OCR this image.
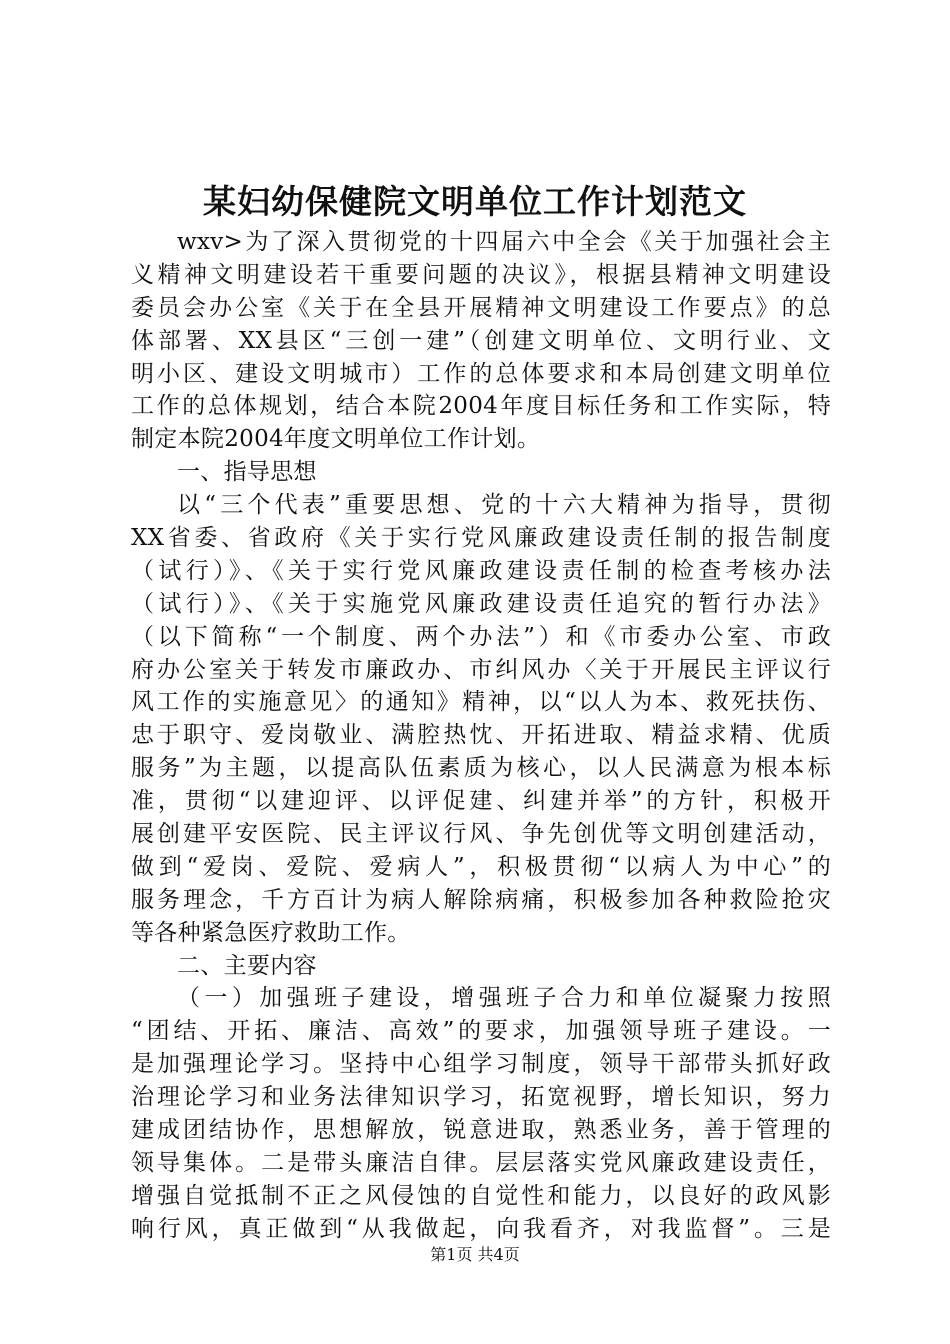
某妇幼保健院文明单位工作计划范文
wxv>为了深入贯彻党的十四届六中全会《关于加强社会主
义精神文明建设若干重要问题的决议》，根据县精神文明建设
委员会办公室《关于在全县开展精神文明建设工作要点》的总
体部署、XX县区“三创一建”（创建文明单位、文明行业、文
明小区、建设文明城市）工作的总体要求和本局创建文明单位
工作的总体规划，结合本院2004年度目标任务和工作实际，特
制定本院2004年度文明单位工作计划。
一、指导思想
以“三个代表”重要思想、党的十六大精神为指导，贯彻
XX省委、省政府《关于实行党风廉政建设责任制的报告制度
（试行）》、《关于实行党风廉政建设责任制的检查考核办法
（试行）》、《关于实施党风廉政建设责任追究的暂行办法》
（以下简称“一个制度、两个办法”）和《市委办公室、市政
府办公室关于转发市廉政办、市纠风办〈关于开展民主评议行
风工作的实施意见〉的通知》精神，以“以人为本、救死扶伤、
忠于职守、爱岗敬业、满腔热忱、开拓进取、精益求精、优质
服务”为主题，以提高队伍素质为核心，以人民满意为根本标
准，贯彻“以建迎评、以评促建、纠建并举”的方针，积极开
展创建平安医院、民主评议行风、争先创优等文明创建活动，
做到“爱岗、爱院、爱病人”，积极贯彻“以病人为中心”的
服务理念，千方百计为病人解除病痛，积极参加各种救险抢灾
等各种紧急医疗救助工作。
二、主要内容
（一）加强班子建设，增强班子合力和单位凝聚力按照
“团结、开拓、廉洁、高效”的要求，加强领导班子建设。一
是加强理论学习。坚持中心组学习制度，领导干部带头抓好政
治理论学习和业务法律知识学习，拓宽视野，增长知识，努力
建成团结协作，思想解放，锐意进取，熟悉业务，善于管理的
领导集体。二是带头廉洁自律。层层落实党风廉政建设责任，
增强自觉抵制不正之风侵蚀的自觉性和能力，以良好的政风影
响行风，真正做到“从我做起，向我看齐，对我监督”。三是
第1页 共4页
